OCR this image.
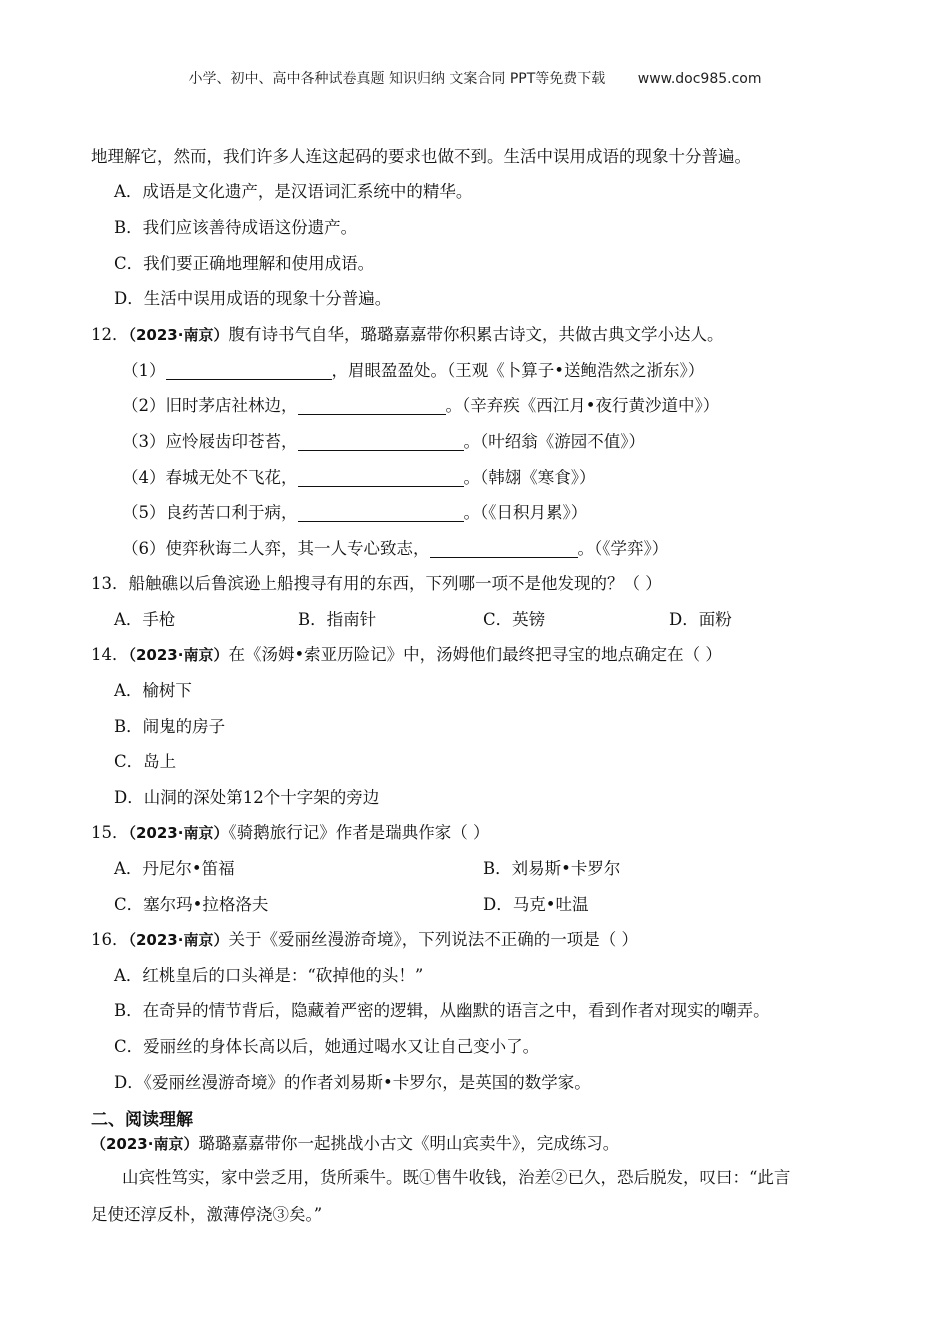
小学、初中、高中各种试卷真题 知识归纳 文案合同 PPT等免费下载 www.doc985.com
地理解它，然而，我们许多人连这起码的要求也做不到。生活中误用成语的现象十分普遍。
A．成语是文化遗产，是汉语词汇系统中的精华。
B．我们应该善待成语这份遗产。
C．我们要正确地理解和使用成语。
D．生活中误用成语的现象十分普遍。
12．（2023·南京）腹有诗书气自华，璐璐嘉嘉带你积累古诗文，共做古典文学小达人。
（1）	，眉眼盈盈处。（王观《卜算子•送鲍浩然之浙东》）
（2）旧时茅店社林边，	。（辛弃疾《西江月•夜行黄沙道中》）
（3）应怜屐齿印苍苔，	。（叶绍翁《游园不值》）
（4）春城无处不飞花，	。（韩翃《寒食》）
（5）良药苦口利于病，	。（《日积月累》）
（6）使弈秋诲二人弈，其一人专心致志，	。（《学弈》）
13．船触礁以后鲁滨逊上船搜寻有用的东西，下列哪一项不是他发现的？（ ）
A．手枪	B．指南针	C．英镑	D．面粉
14．（2023·南京）在《汤姆•索亚历险记》中，汤姆他们最终把寻宝的地点确定在（ ）
A．榆树下
B．闹鬼的房子
C．岛上
D．山洞的深处第12个十字架的旁边
15．（2023·南京）《骑鹅旅行记》作者是瑞典作家（ ）
A．丹尼尔•笛福	B．刘易斯•卡罗尔
C．塞尔玛•拉格洛夫	D．马克•吐温
16．（2023·南京）关于《爱丽丝漫游奇境》，下列说法不正确的一项是（ ）
A．红桃皇后的口头禅是：“砍掉他的头！”
B．在奇异的情节背后，隐藏着严密的逻辑，从幽默的语言之中，看到作者对现实的嘲弄。
C．爱丽丝的身体长高以后，她通过喝水又让自己变小了。
D．《爱丽丝漫游奇境》的作者刘易斯•卡罗尔，是英国的数学家。
二、阅读理解
（2023·南京）璐璐嘉嘉带你一起挑战小古文《明山宾卖牛》，完成练习。
山宾性笃实，家中尝乏用，货所乘牛。既①售牛收钱，治差②已久，恐后脱发，叹曰：“此言
足使还淳反朴，激薄停浇③矣。”
